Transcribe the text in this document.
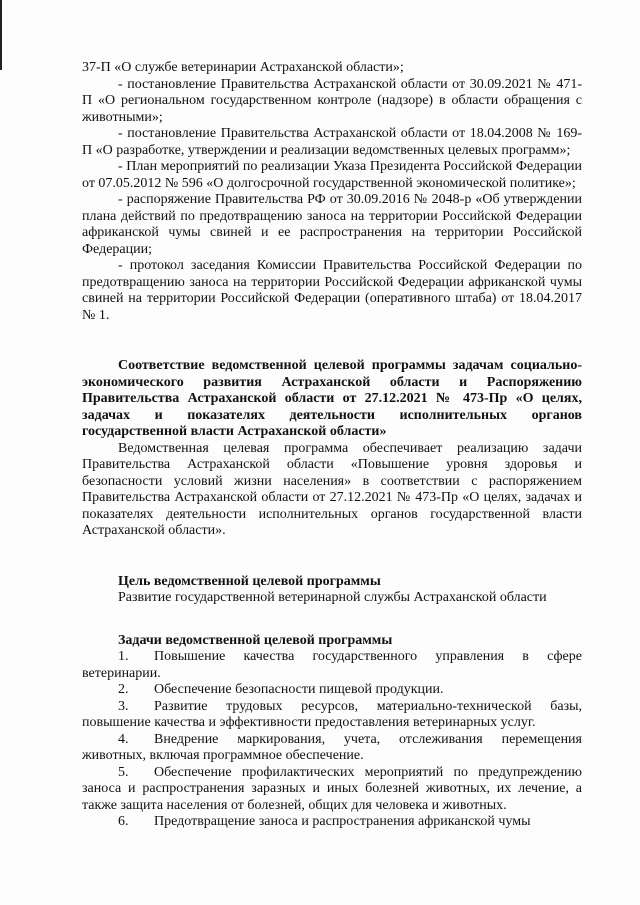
37-П «О службе ветеринарии Астраханской области»;

- постановление Правительства Астраханской области от 30.09.2021 № 471-П «О региональном государственном контроле (надзоре) в области обращения с животными»;

- постановление Правительства Астраханской области от 18.04.2008 № 169-П «О разработке, утверждении и реализации ведомственных целевых программ»;

- План мероприятий по реализации Указа Президента Российской Федерации от 07.05.2012 № 596 «О долгосрочной государственной экономической политике»;

- распоряжение Правительства РФ от 30.09.2016 № 2048-р «Об утверждении плана действий по предотвращению заноса на территории Российской Федерации африканской чумы свиней и ее распространения на территории Российской Федерации;

- протокол заседания Комиссии Правительства Российской Федерации по предотвращению заноса на территории Российской Федерации африканской чумы свиней на территории Российской Федерации (оперативного штаба) от 18.04.2017 № 1.

Соответствие ведомственной целевой программы задачам социально-экономического развития Астраханской области и Распоряжению Правительства Астраханской области от 27.12.2021 № 473-Пр «О целях, задачах и показателях деятельности исполнительных органов государственной власти Астраханской области»

Ведомственная целевая программа обеспечивает реализацию задачи Правительства Астраханской области «Повышение уровня здоровья и безопасности условий жизни населения» в соответствии с распоряжением Правительства Астраханской области от 27.12.2021 № 473-Пр «О целях, задачах и показателях деятельности исполнительных органов государственной власти Астраханской области».

Цель ведомственной целевой программы

Развитие государственной ветеринарной службы Астраханской области

Задачи ведомственной целевой программы

1. Повышение качества государственного управления в сфере ветеринарии.

2. Обеспечение безопасности пищевой продукции.

3. Развитие трудовых ресурсов, материально-технической базы, повышение качества и эффективности предоставления ветеринарных услуг.

4. Внедрение маркирования, учета, отслеживания перемещения животных, включая программное обеспечение.

5. Обеспечение профилактических мероприятий по предупреждению заноса и распространения заразных и иных болезней животных, их лечение, а также защита населения от болезней, общих для человека и животных.

6. Предотвращение заноса и распространения африканской чумы
